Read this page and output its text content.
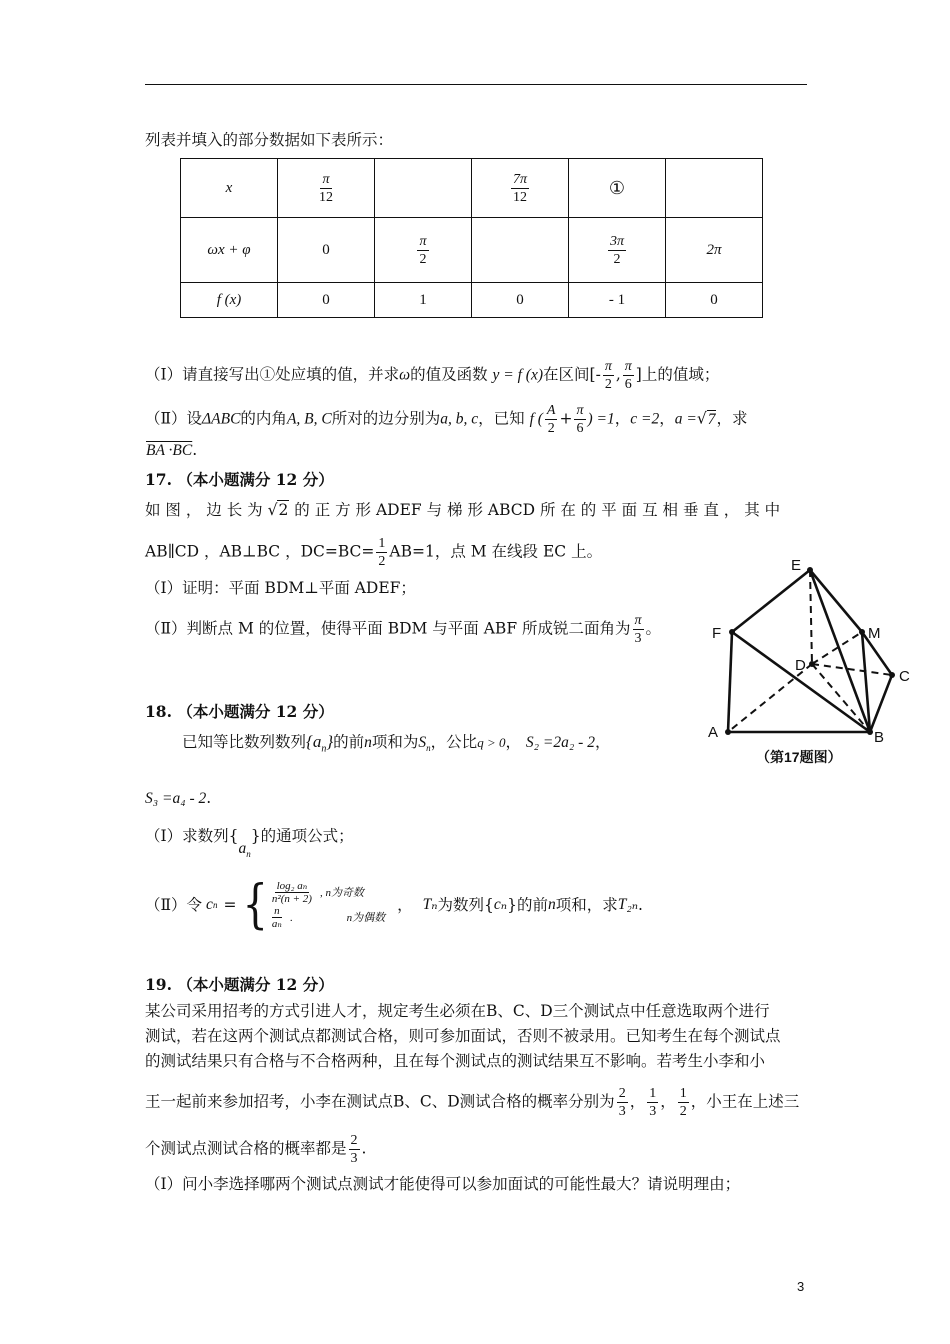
列表并填入的部分数据如下表所示：
x	$\frac{\pi}{12}$		$\frac{7\pi}{12}$	①	
ωx + φ	0	$\frac{\pi}{2}$		$\frac{3\pi}{2}$	2π
f (x)	0	1	0	- 1	0
（Ⅰ）请直接写出①处应填的值，并求ω的值及函数 y = f (x)在区间[- $\frac{\pi}{2}$ , $\frac{\pi}{6}$ ]上的值域；
（Ⅱ）设ΔABC的内角A, B, C所对的边分别为a, b, c，已知 f ( $\frac{A}{2} + \frac{\pi}{6}$ ) =1，c =2，a =√7，求
BA ·BC.
17. （本小题满分 12 分）
如 图 ， 边 长 为 √2 的 正 方 形 ADEF 与 梯 形 ABCD 所 在 的 平 面 互 相 垂 直 ， 其 中
AB∥CD ，AB⊥BC ，$DC=BC= \frac{1}{2} AB=1$，点 M 在线段 EC 上。
（Ⅰ）证明：平面 BDM⊥平面 ADEF；
（Ⅱ）判断点 M 的位置，使得平面 BDM 与平面 ABF 所成锐二面角为 $\frac{\pi}{3}$ 。
E
F	M
D
C
A	B
（第17题图）
18. （本小题满分 12 分）
已知等比数列数列$\{a_n\}$的前n项和为$S_n$，公比q > 0， S₂ =2a₂ - 2，
S₃ =a₄ - 2.
（Ⅰ）求数列$\{a_n\}$的通项公式；
（Ⅱ）令 c n = { $\frac{\text{log₂ aₙ}}{\text{n²(n + 2)}}$ , n为奇数
$\frac{n}{\text{aₙ}}$ .	n为偶数
， Tₙ 为数列{ cₙ }的前 n 项和，求 T₂ₙ .
19. （本小题满分 12 分）
某公司采用招考的方式引进人才，规定考生必须在B、C、D三个测试点中任意选取两个进行
测试，若在这两个测试点都测试合格，则可参加面试，否则不被录用。已知考生在每个测试点
的测试结果只有合格与不合格两种，且在每个测试点的测试结果互不影响。若考生小李和小
王一起前来参加招考，小李在测试点B、C、D测试合格的概率分别为 $\frac{2}{3}$ ， $\frac{1}{3}$ ， $\frac{1}{2}$ ，小王在上述三
个测试点测试合格的概率都是 $\frac{2}{3}$ .
（Ⅰ）问小李选择哪两个测试点测试才能使得可以参加面试的可能性最大？请说明理由；
3
